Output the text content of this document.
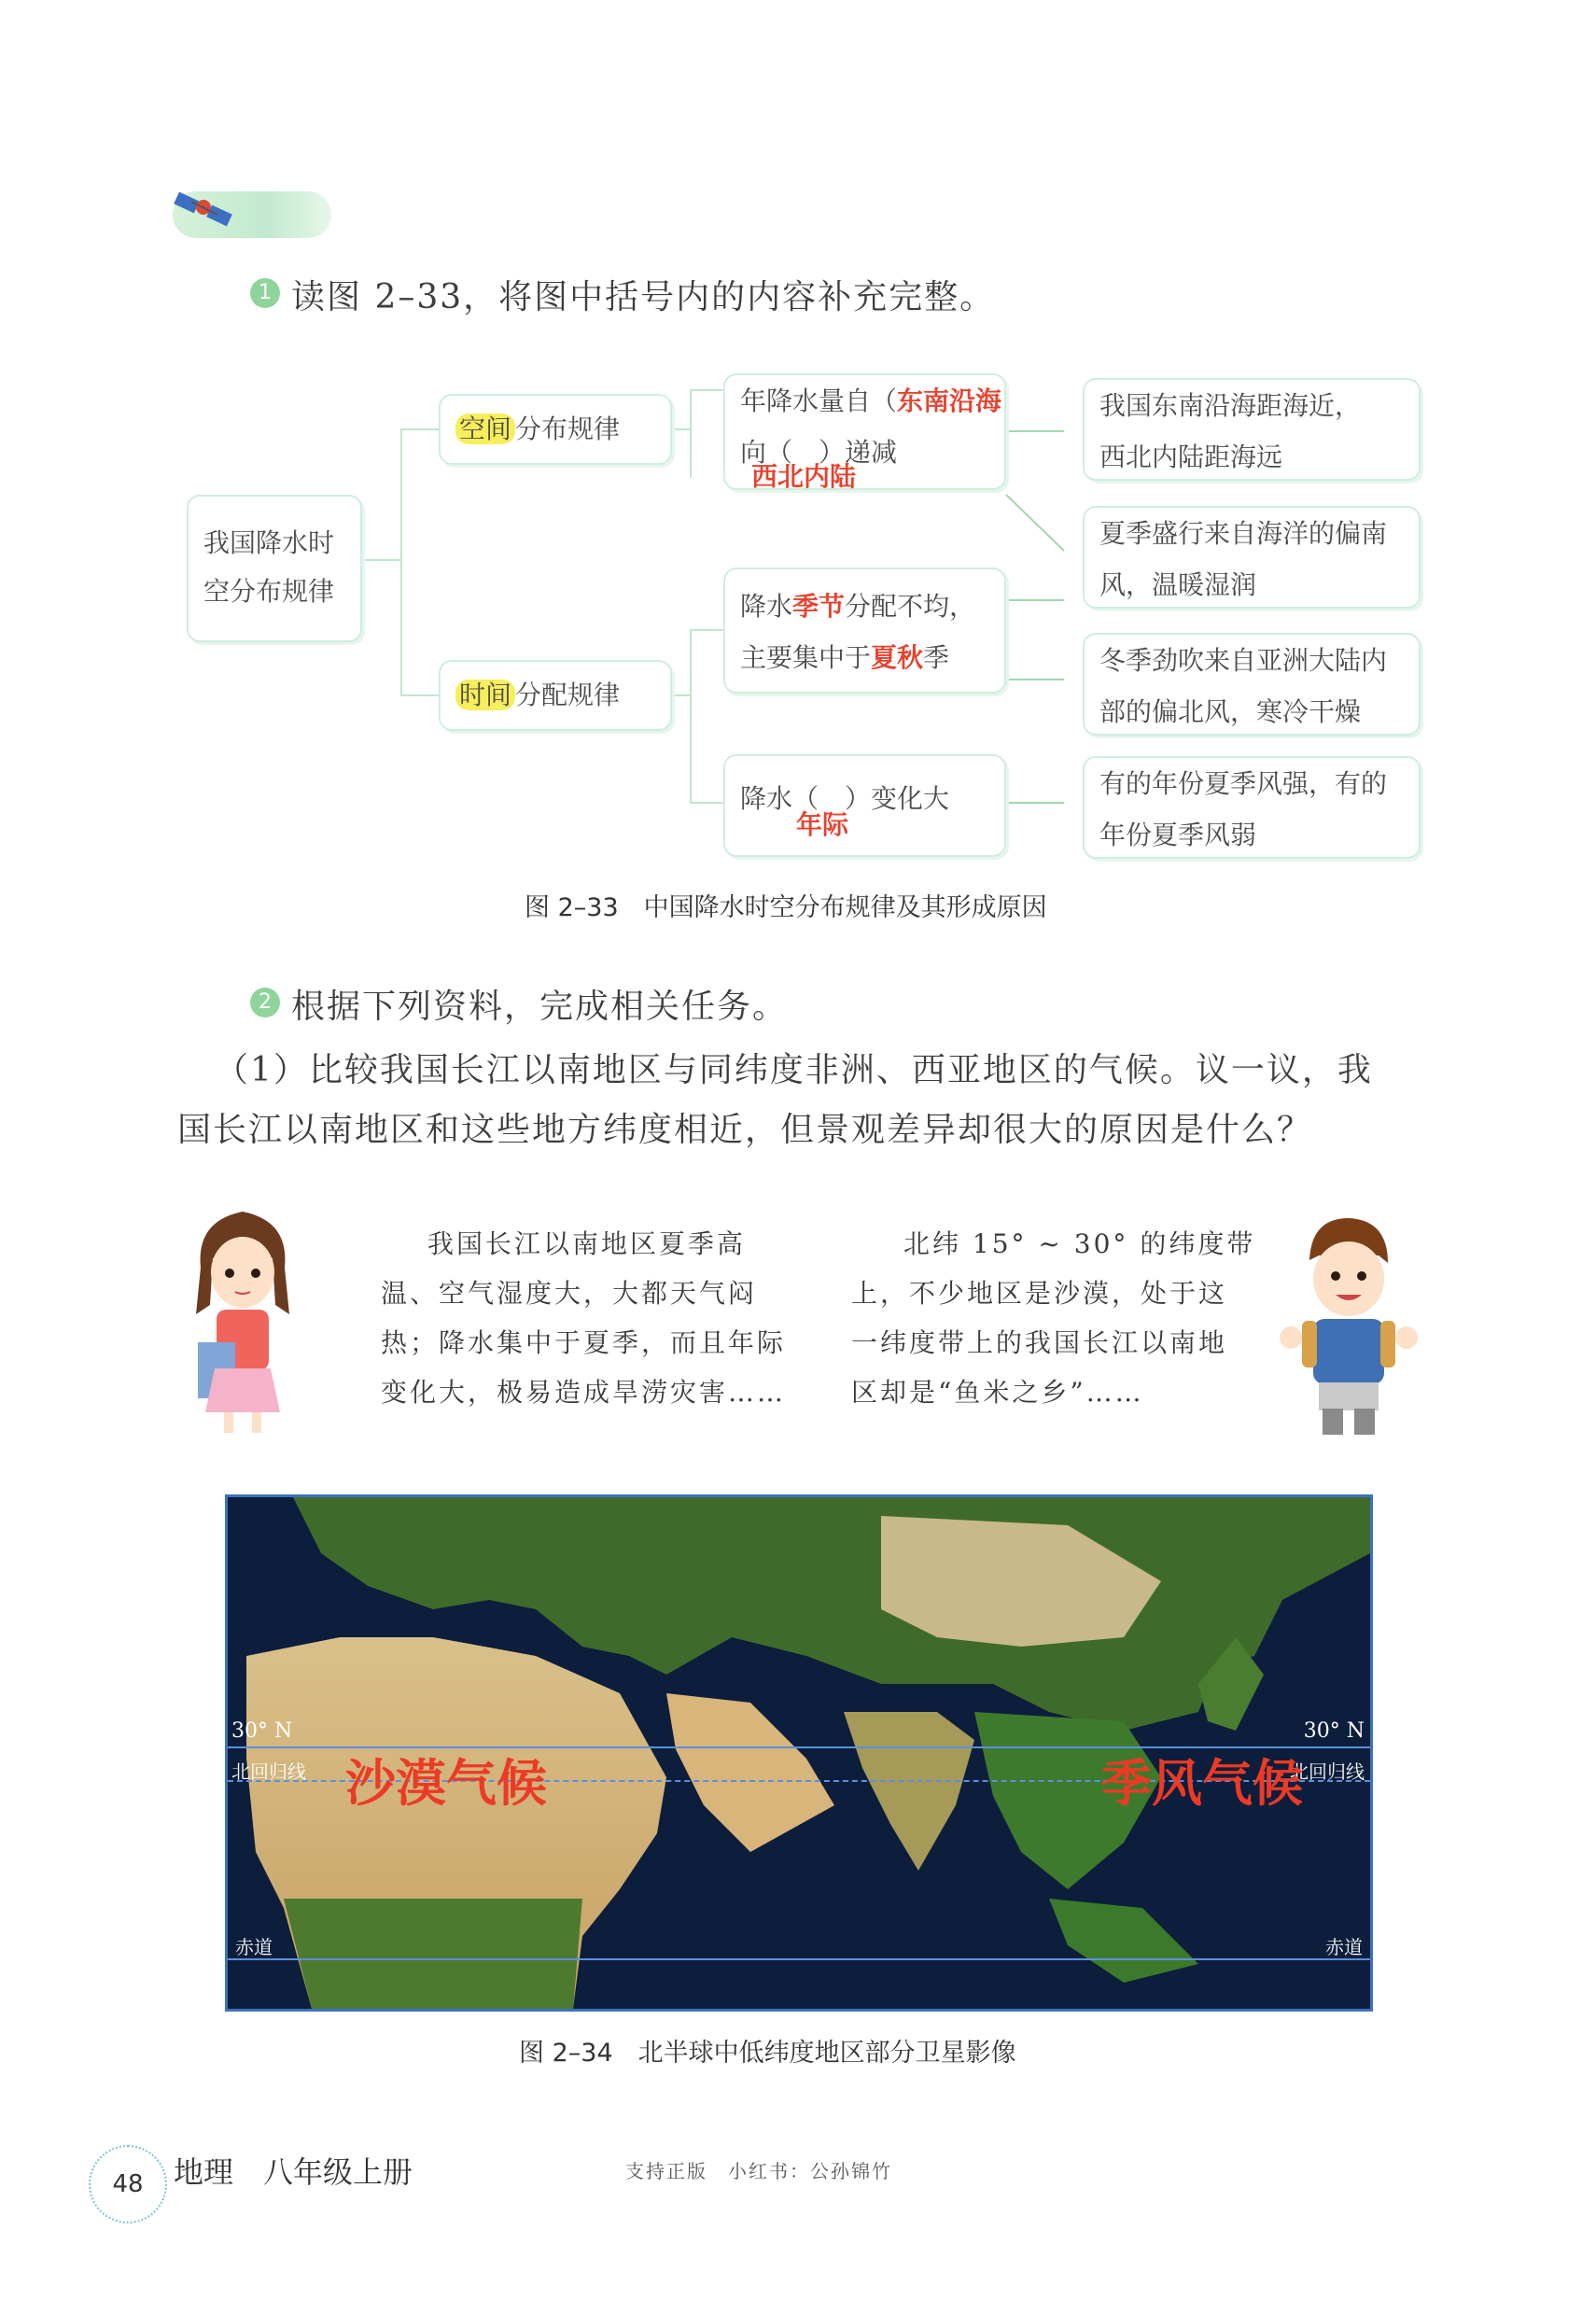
1 读图 2–33，将图中括号内的内容补充完整。
我国降水时
空分布规律
空间 分布规律
时间 分配规律
年降水量自（东南沿海
向（　）递减
西北内陆
降水季节分配不均，
主要集中于夏秋季
降水（　）变化大
年际
我国东南沿海距海近，
西北内陆距海远
夏季盛行来自海洋的偏南
风，温暖湿润
冬季劲吹来自亚洲大陆内
部的偏北风，寒冷干燥
有的年份夏季风强，有的
年份夏季风弱
图 2–33　中国降水时空分布规律及其形成原因
2 根据下列资料，完成相关任务。
（1）比较我国长江以南地区与同纬度非洲、西亚地区的气候。议一议，我
国长江以南地区和这些地方纬度相近，但景观差异却很大的原因是什么？
我国长江以南地区夏季高
温、空气湿度大，大都天气闷
热；降水集中于夏季，而且年际
变化大，极易造成旱涝灾害……
北纬 15° ~ 30° 的纬度带
上，不少地区是沙漠，处于这
一纬度带上的我国长江以南地
区却是“鱼米之乡”……
30° N	30° N
北回归线	北回归线
赤道	赤道
沙漠气候	季风气候
图 2–34　北半球中低纬度地区部分卫星影像
48	地理　八年级上册	支持正版　小红书：公孙锦竹
